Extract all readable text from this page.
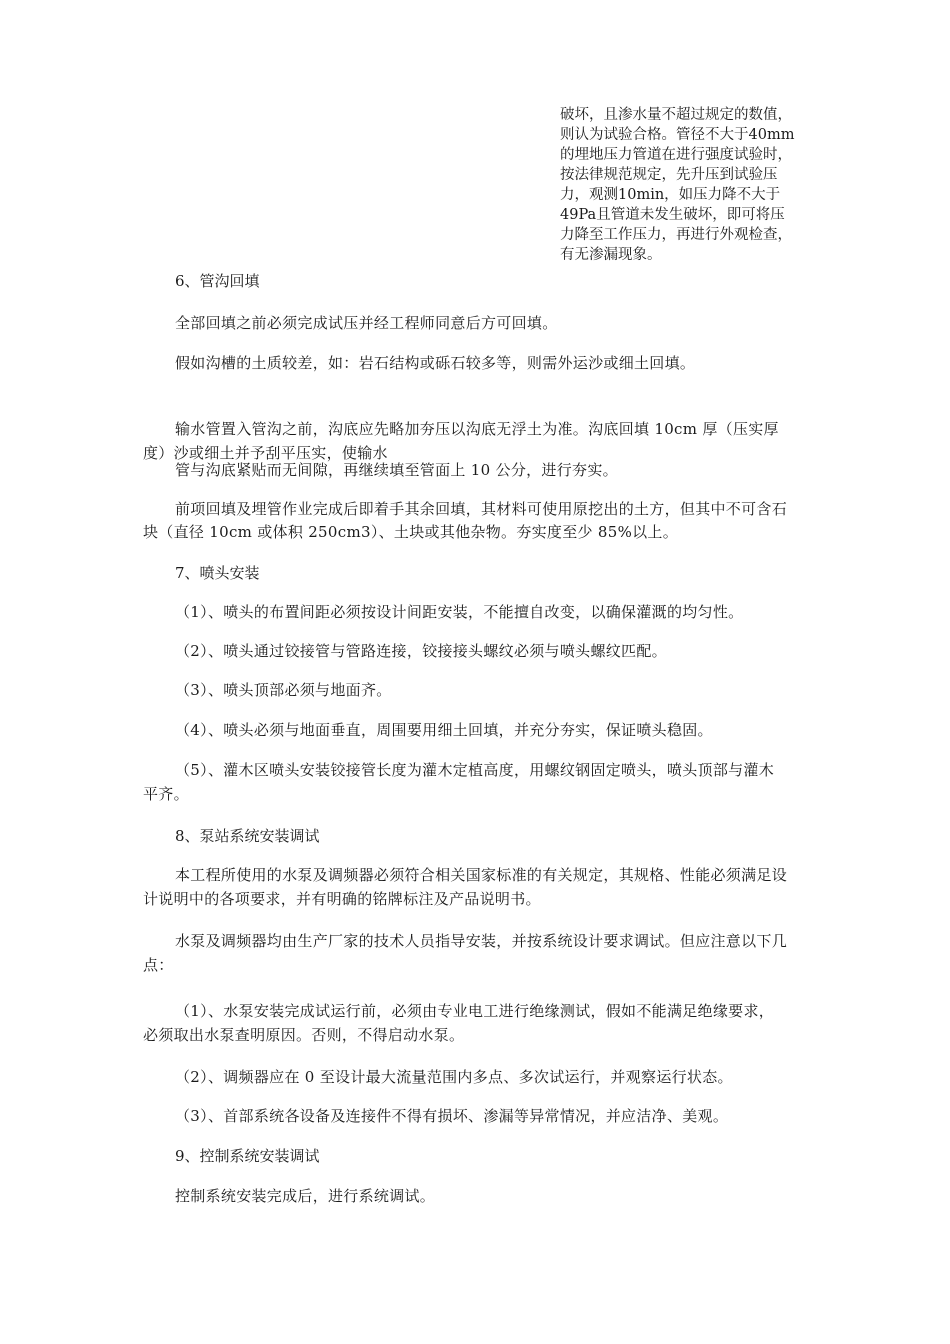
破坏，且渗水量不超过规定的数值，
则认为试验合格。管径不大于40mm
的埋地压力管道在进行强度试验时，
按法律规范规定，先升压到试验压
力，观测10min，如压力降不大于
49Pa且管道未发生破坏，即可将压
力降至工作压力，再进行外观检查，
有无渗漏现象。

6、管沟回填

全部回填之前必须完成试压并经工程师同意后方可回填。

假如沟槽的土质较差，如：岩石结构或砾石较多等，则需外运沙或细土回填。

输水管置入管沟之前，沟底应先略加夯压以沟底无浮土为准。沟底回填 10cm 厚（压实厚

度）沙或细土并予刮平压实，使输水

管与沟底紧贴而无间隙，再继续填至管面上 10 公分，进行夯实。

前项回填及埋管作业完成后即着手其余回填，其材料可使用原挖出的土方，但其中不可含石

块（直径 10cm 或体积 250cm3）、土块或其他杂物。夯实度至少 85%以上。

7、喷头安装

（1）、喷头的布置间距必须按设计间距安装，不能擅自改变，以确保灌溉的均匀性。

（2）、喷头通过铰接管与管路连接，铰接接头螺纹必须与喷头螺纹匹配。

（3）、喷头顶部必须与地面齐。

（4）、喷头必须与地面垂直，周围要用细土回填，并充分夯实，保证喷头稳固。

（5）、灌木区喷头安装铰接管长度为灌木定植高度，用螺纹钢固定喷头，喷头顶部与灌木

平齐。

8、泵站系统安装调试

本工程所使用的水泵及调频器必须符合相关国家标准的有关规定，其规格、性能必须满足设

计说明中的各项要求，并有明确的铭牌标注及产品说明书。

水泵及调频器均由生产厂家的技术人员指导安装，并按系统设计要求调试。但应注意以下几

点：

（1）、水泵安装完成试运行前，必须由专业电工进行绝缘测试，假如不能满足绝缘要求，

必须取出水泵查明原因。否则，不得启动水泵。

（2）、调频器应在 0 至设计最大流量范围内多点、多次试运行，并观察运行状态。

（3）、首部系统各设备及连接件不得有损坏、渗漏等异常情况，并应洁净、美观。

9、控制系统安装调试

控制系统安装完成后，进行系统调试。
